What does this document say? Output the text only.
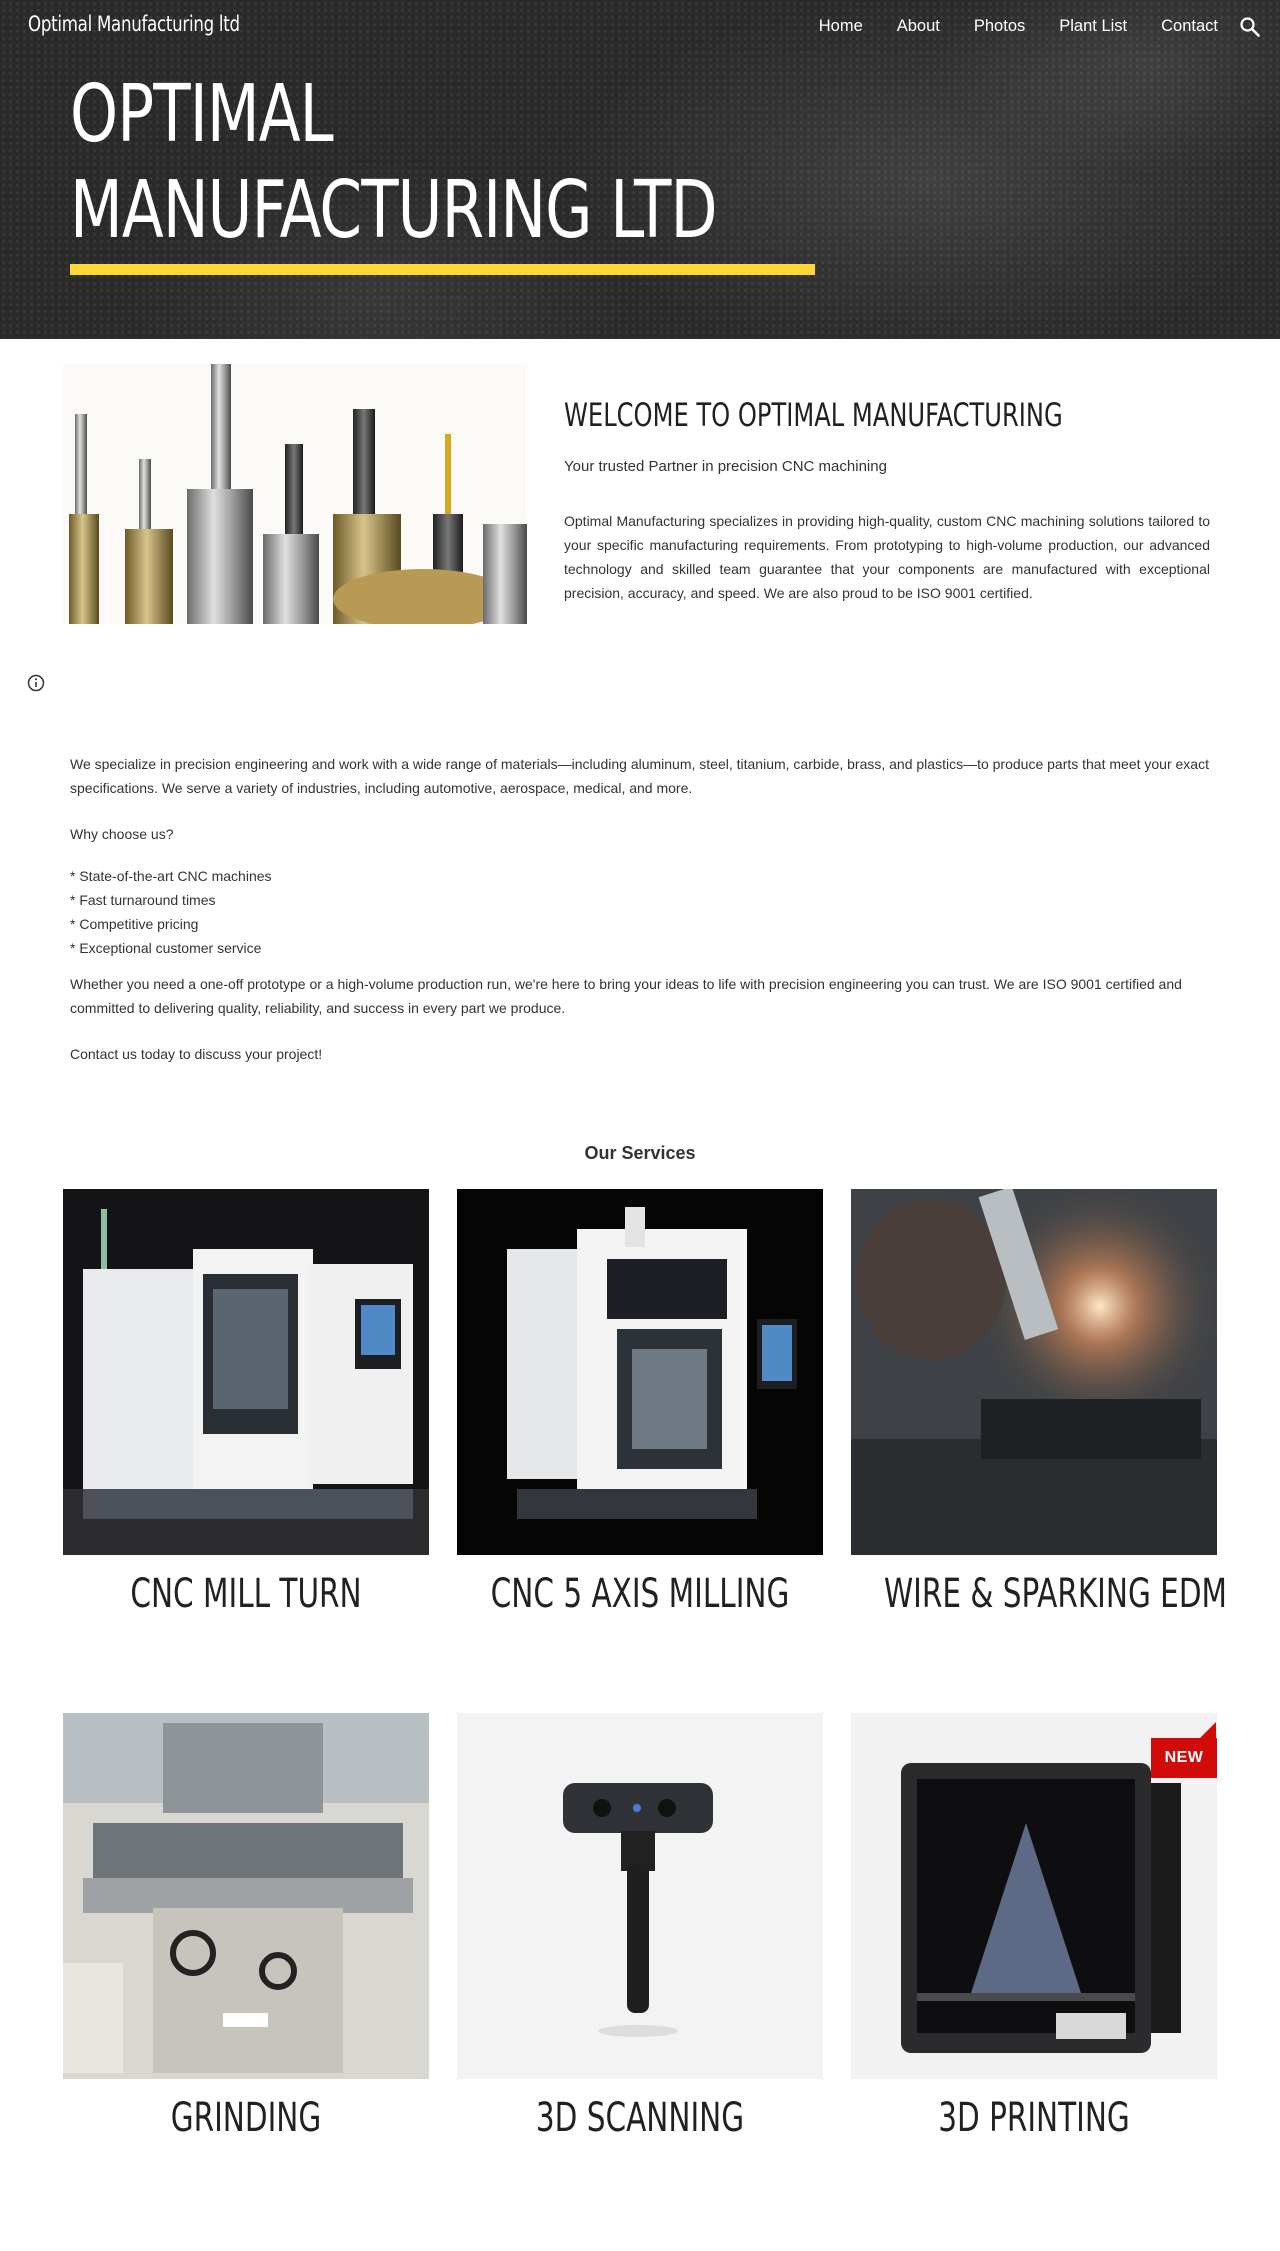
Optimal Manufacturing ltd	Home About Photos Plant List Contact
OPTIMAL
MANUFACTURING LTD
WELCOME TO OPTIMAL MANUFACTURING

Your trusted Partner in precision CNC machining

Optimal Manufacturing specializes in providing high-quality, custom CNC machining solutions tailored to your specific manufacturing requirements. From prototyping to high-volume production, our advanced technology and skilled team guarantee that your components are manufactured with exceptional precision, accuracy, and speed. We are also proud to be ISO 9001 certified.

We specialize in precision engineering and work with a wide range of materials—including aluminum, steel, titanium, carbide, brass, and plastics—to produce parts that meet your exact specifications. We serve a variety of industries, including automotive, aerospace, medical, and more.

Why choose us?

* State-of-the-art CNC machines

* Fast turnaround times

* Competitive pricing

* Exceptional customer service

Whether you need a one-off prototype or a high-volume production run, we're here to bring your ideas to life with precision engineering you can trust. We are ISO 9001 certified and committed to delivering quality, reliability, and success in every part we produce.

Contact us today to discuss your project!

Our Services
CNC MILL TURN	CNC 5 AXIS MILLING WIRE & SPARKING EDM
GRINDING	3D SCANNING
NEW
3D PRINTING
